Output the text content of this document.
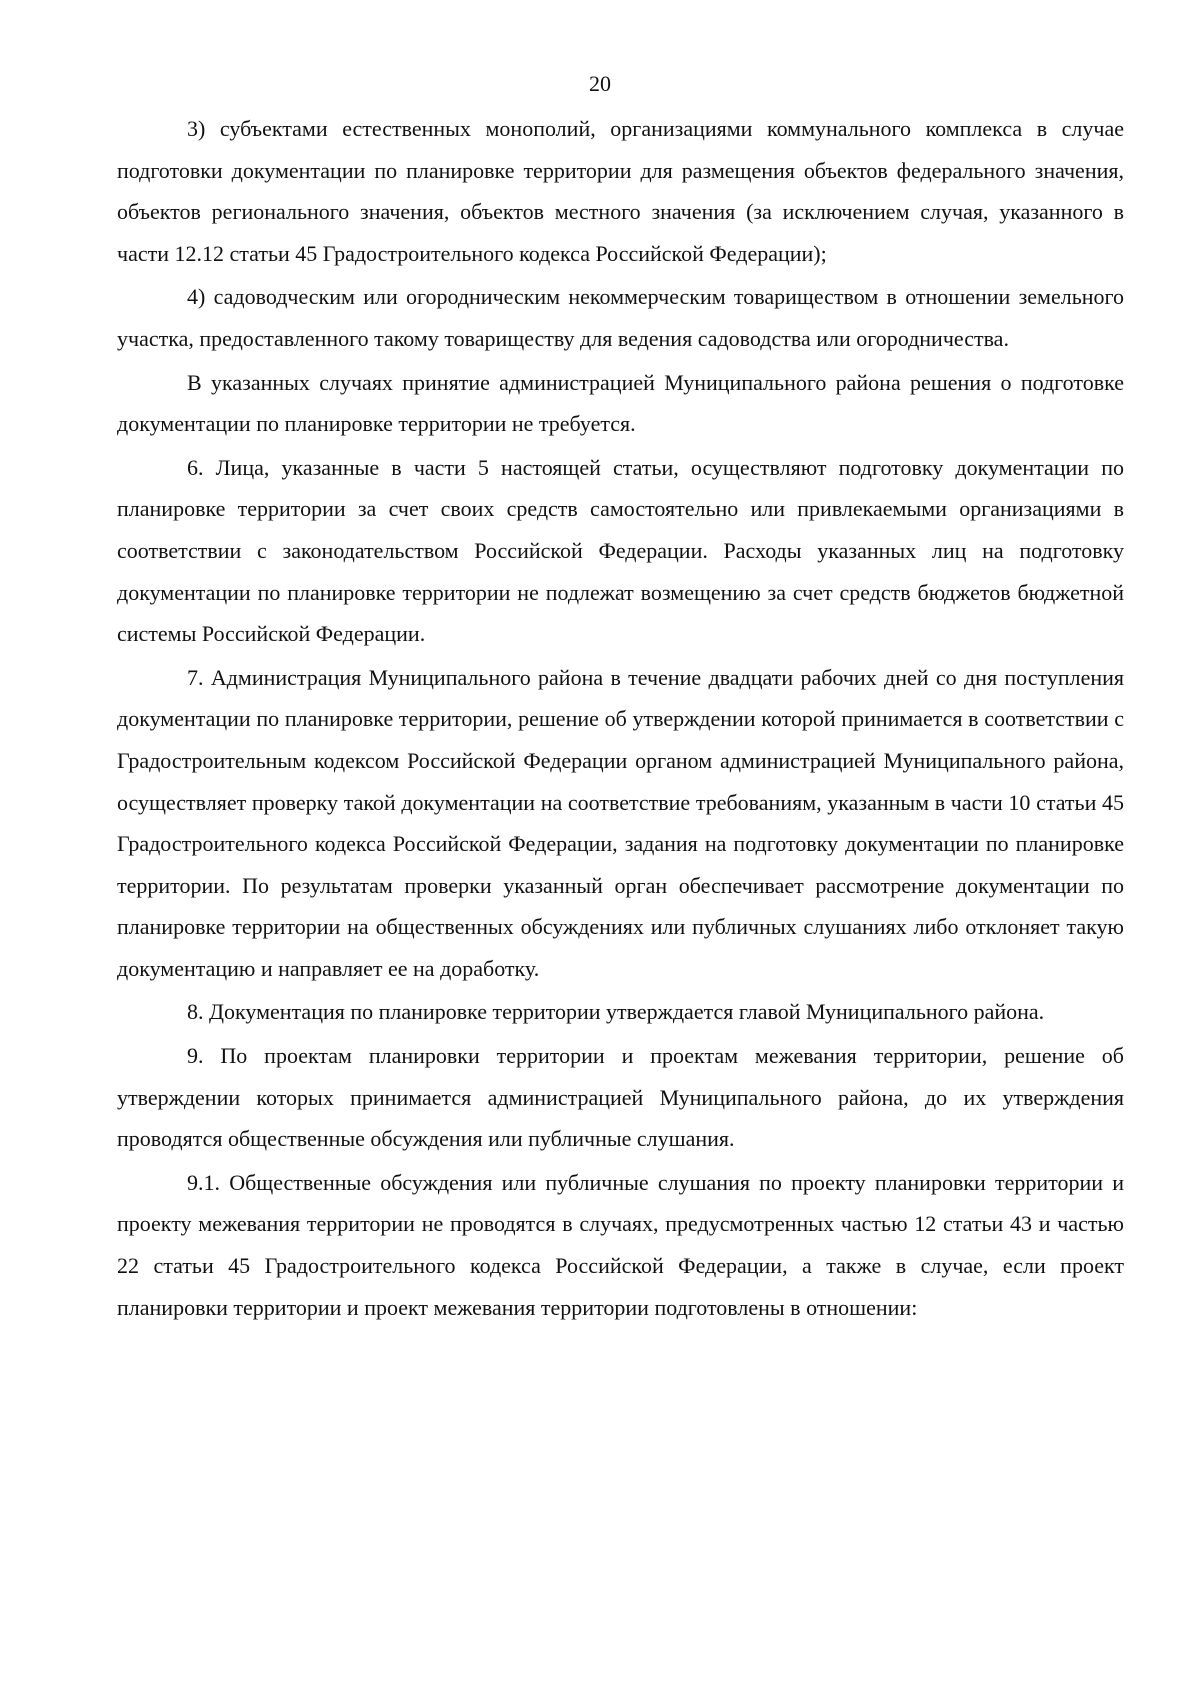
20

3) субъектами естественных монополий, организациями коммунального комплекса в случае подготовки документации по планировке территории для размещения объектов федерального значения, объектов регионального значения, объектов местного значения (за исключением случая, указанного в части 12.12 статьи 45 Градостроительного кодекса Российской Федерации);

4) садоводческим или огородническим некоммерческим товариществом в отношении земельного участка, предоставленного такому товариществу для ведения садоводства или огородничества.

В указанных случаях принятие администрацией Муниципального района решения о подготовке документации по планировке территории не требуется.

6. Лица, указанные в части 5 настоящей статьи, осуществляют подготовку документации по планировке территории за счет своих средств самостоятельно или привлекаемыми организациями в соответствии с законодательством Российской Федерации. Расходы указанных лиц на подготовку документации по планировке территории не подлежат возмещению за счет средств бюджетов бюджетной системы Российской Федерации.

7. Администрация Муниципального района в течение двадцати рабочих дней со дня поступления документации по планировке территории, решение об утверждении которой принимается в соответствии с Градостроительным кодексом Российской Федерации органом администрацией Муниципального района, осуществляет проверку такой документации на соответствие требованиям, указанным в части 10 статьи 45 Градостроительного кодекса Российской Федерации, задания на подготовку документации по планировке территории. По результатам проверки указанный орган обеспечивает рассмотрение документации по планировке территории на общественных обсуждениях или публичных слушаниях либо отклоняет такую документацию и направляет ее на доработку.

8. Документация по планировке территории утверждается главой Муниципального района.

9. По проектам планировки территории и проектам межевания территории, решение об утверждении которых принимается администрацией Муниципального района, до их утверждения проводятся общественные обсуждения или публичные слушания.

9.1. Общественные обсуждения или публичные слушания по проекту планировки территории и проекту межевания территории не проводятся в случаях, предусмотренных частью 12 статьи 43 и частью 22 статьи 45 Градостроительного кодекса Российской Федерации, а также в случае, если проект планировки территории и проект межевания территории подготовлены в отношении:
